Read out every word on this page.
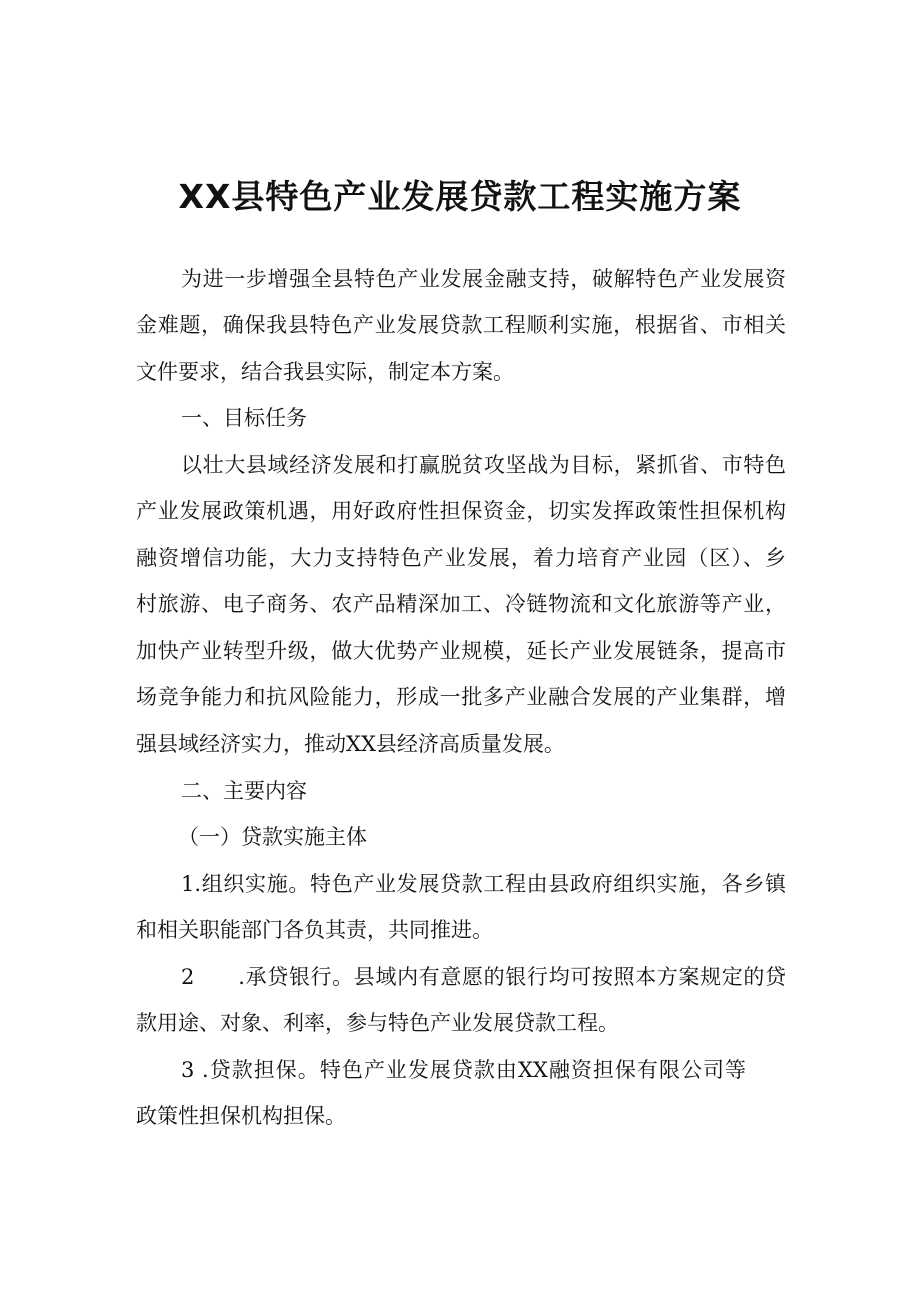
XX县特色产业发展贷款工程实施方案

为进一步增强全县特色产业发展金融支持，破解特色产业发展资

金难题，确保我县特色产业发展贷款工程顺利实施，根据省、市相关

文件要求，结合我县实际，制定本方案。

一、目标任务

以壮大县域经济发展和打赢脱贫攻坚战为目标，紧抓省、市特色

产业发展政策机遇，用好政府性担保资金，切实发挥政策性担保机构

融资增信功能，大力支持特色产业发展，着力培育产业园（区）、乡

村旅游、电子商务、农产品精深加工、冷链物流和文化旅游等产业，

加快产业转型升级，做大优势产业规模，延长产业发展链条，提高市

场竞争能力和抗风险能力，形成一批多产业融合发展的产业集群，增

强县域经济实力，推动XX县经济高质量发展。

二、主要内容

（一）贷款实施主体

1.组织实施。特色产业发展贷款工程由县政府组织实施，各乡镇

和相关职能部门各负其责，共同推进。

2　　.承贷银行。县域内有意愿的银行均可按照本方案规定的贷

款用途、对象、利率，参与特色产业发展贷款工程。

3 .贷款担保。特色产业发展贷款由XX融资担保有限公司等

政策性担保机构担保。
